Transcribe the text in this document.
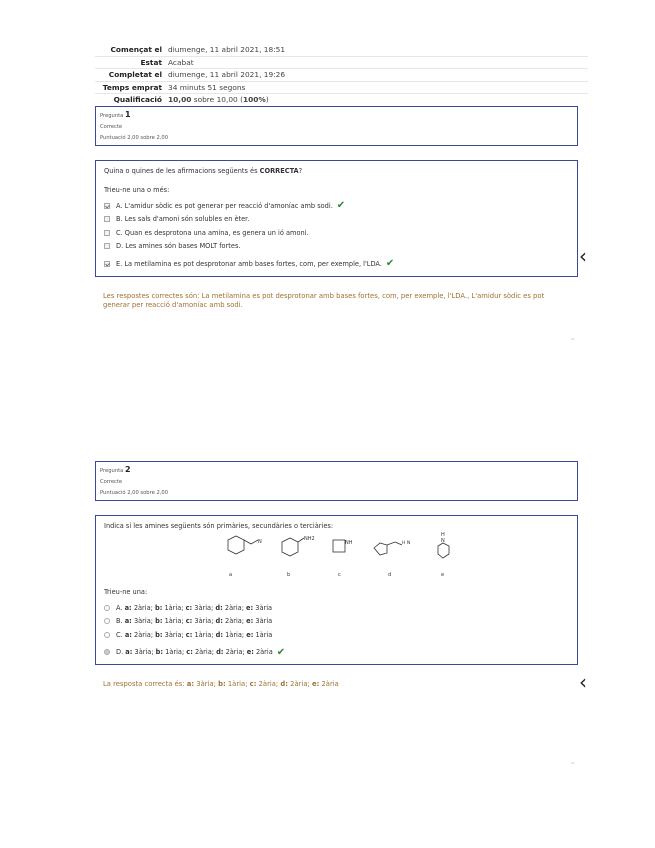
Començat el diumenge, 11 abril 2021, 18:51
Estat Acabat
Completat el diumenge, 11 abril 2021, 19:26
Temps emprat 34 minuts 51 segons
Qualificació 10,00 sobre 10,00 (100%)
Pregunta 1
Correcte
Puntuació 2,00 sobre 2,00
Quina o quines de les afirmacions següents és CORRECTA?
Trieu-ne una o més:
A. L'amidur sòdic es pot generar per reacció d'amoníac amb sodi. ✔
B. Les sals d'amoni són solubles en èter.
C. Quan es desprotona una amina, es genera un ió amoni.
D. Les amines són bases MOLT fortes.
E. La metilamina es pot desprotonar amb bases fortes, com, per exemple, l'LDA. ✔	‹
Les respostes correctes són: La metilamina es pot desprotonar amb bases fortes, com, per exemple, l'LDA., L'amidur sòdic es pot generar per reacció d'amoníac amb sodi.
^
Pregunta 2
Correcte
Puntuació 2,00 sobre 2,00
Indica si les amines següents són primàries, secundàries o terciàries:
Trieu-ne una:
A. a: 2ària; b: 1ària; c: 3ària; d: 2ària; e: 3ària
B. a: 3ària; b: 1ària; c: 3ària; d: 2ària; e: 3ària
C. a: 2ària; b: 3ària; c: 1ària; d: 1ària; e: 1ària
D. a: 3ària; b: 1ària; c: 2ària; d: 2ària; e: 2ària ✔
N	NH2
NH	H N
H
N
a	b	c	d	e
La resposta correcta és: a: 3ària; b: 1ària; c: 2ària; d: 2ària; e: 2ària	‹
^
